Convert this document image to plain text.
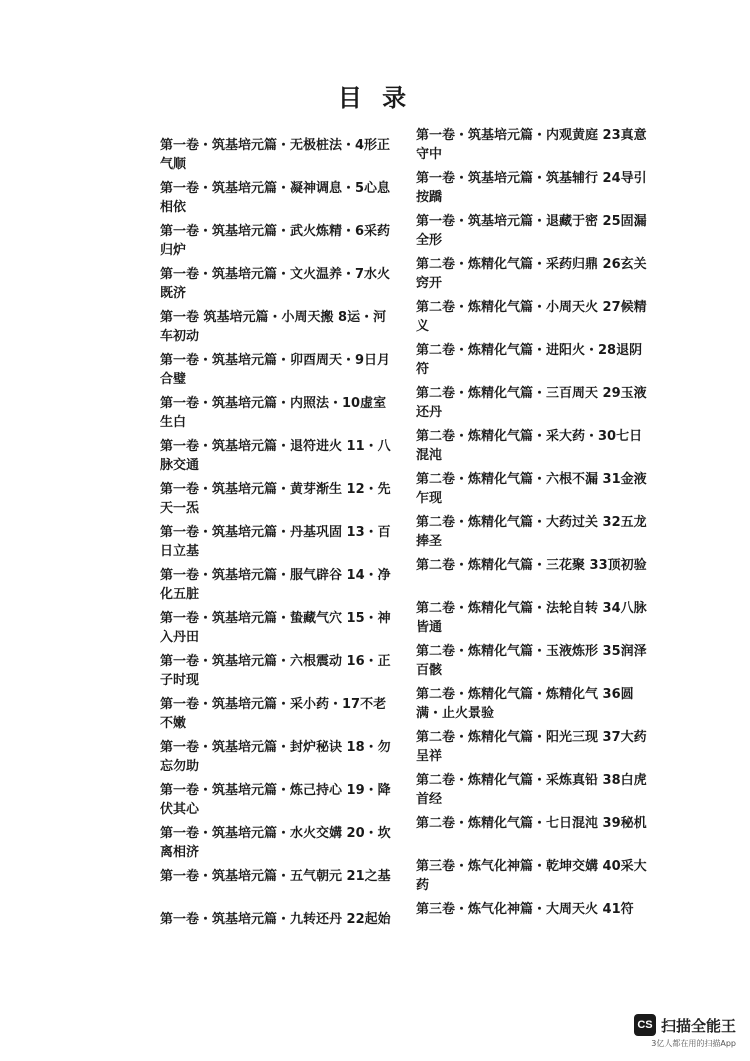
目 录
第一卷・筑基培元篇・无极桩法・4形正气顺
第一卷・筑基培元篇・凝神调息・5心息相依
第一卷・筑基培元篇・武火炼精・6采药归炉
第一卷・筑基培元篇・文火温养・7水火既济
第一卷 筑基培元篇・小周天搬 8运・河车初动
第一卷・筑基培元篇・卯酉周天・9日月合璧
第一卷・筑基培元篇・内照法・10虚室生白
第一卷・筑基培元篇・退符进火 11・八脉交通
第一卷・筑基培元篇・黄芽渐生 12・先天一炁
第一卷・筑基培元篇・丹基巩固 13・百日立基
第一卷・筑基培元篇・服气辟谷 14・净化五脏
第一卷・筑基培元篇・蛰藏气穴 15・神入丹田
第一卷・筑基培元篇・六根震动 16・正子时现
第一卷・筑基培元篇・采小药・17不老不嫩
第一卷・筑基培元篇・封炉秘诀 18・勿忘勿助
第一卷・筑基培元篇・炼己持心 19・降伏其心
第一卷・筑基培元篇・水火交媾 20・坎离相济
第一卷・筑基培元篇・五气朝元 21之基
第一卷・筑基培元篇・九转还丹 22起始
第一卷・筑基培元篇・内观黄庭 23真意守中
第一卷・筑基培元篇・筑基辅行 24导引按蹻
第一卷・筑基培元篇・退藏于密 25固漏全形
第二卷・炼精化气篇・采药归鼎 26玄关窍开
第二卷・炼精化气篇・小周天火 27候精义
第二卷・炼精化气篇・进阳火・28退阴符
第二卷・炼精化气篇・三百周天 29玉液还丹
第二卷・炼精化气篇・采大药・30七日混沌
第二卷・炼精化气篇・六根不漏 31金液乍现
第二卷・炼精化气篇・大药过关 32五龙捧圣
第二卷・炼精化气篇・三花聚 33顶初验
第二卷・炼精化气篇・法轮自转 34八脉皆通
第二卷・炼精化气篇・玉液炼形 35润泽百骸
第二卷・炼精化气篇・炼精化气 36圆满・止火景验
第二卷・炼精化气篇・阳光三现 37大药呈祥
第二卷・炼精化气篇・采炼真铅 38白虎首经
第二卷・炼精化气篇・七日混沌 39秘机
第三卷・炼气化神篇・乾坤交媾 40采大药
第三卷・炼气化神篇・大周天火 41符
CS 扫描全能王
3亿人都在用的扫描App
